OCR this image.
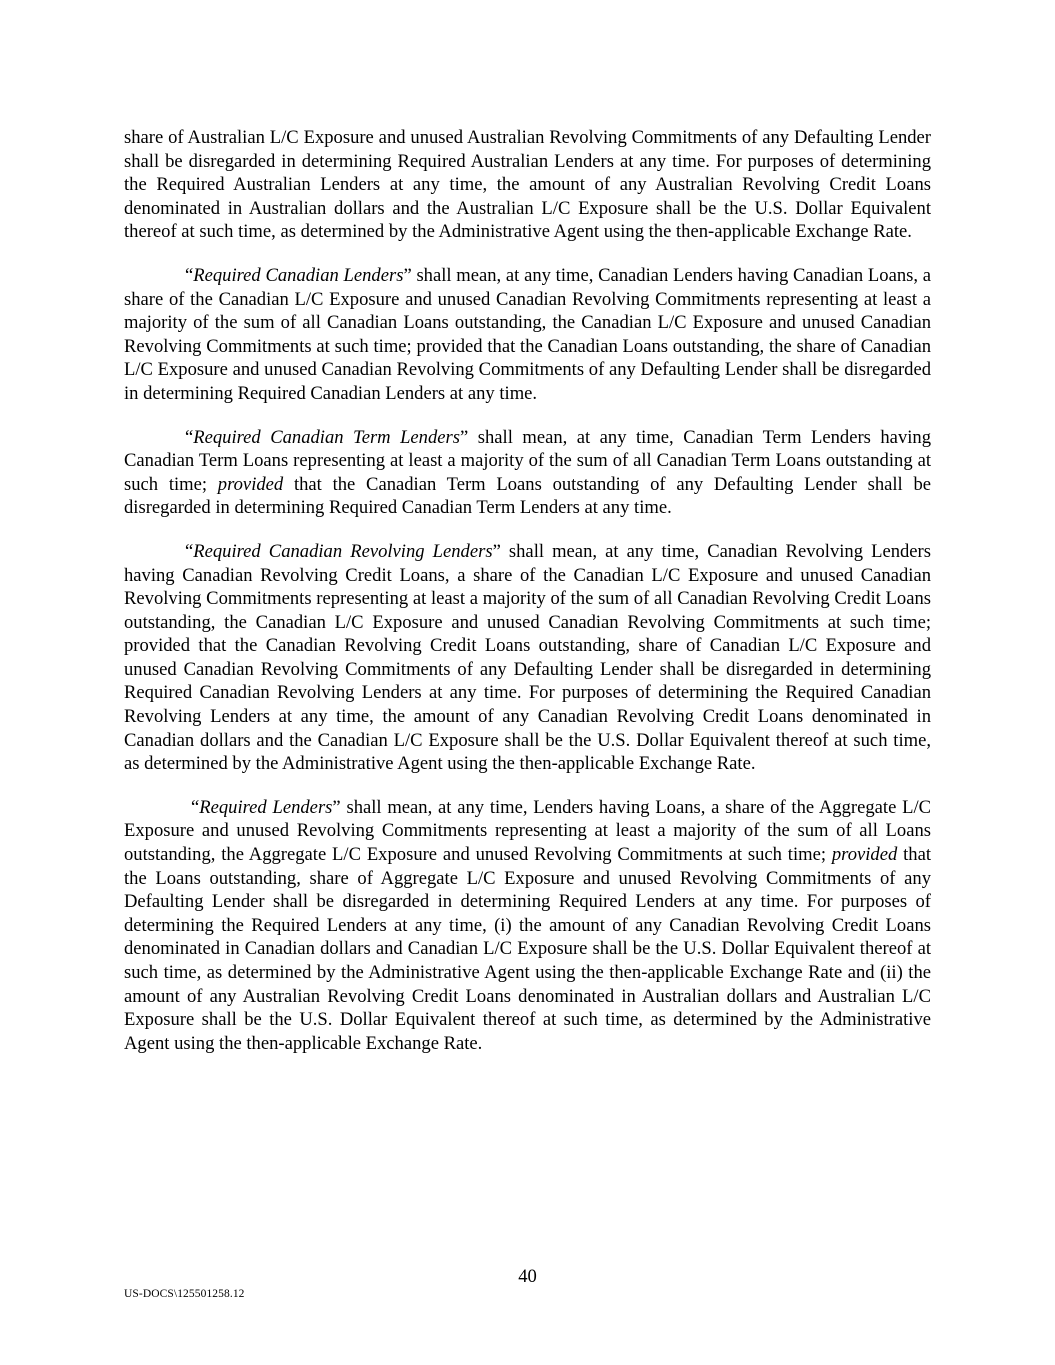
share of Australian L/C Exposure and unused Australian Revolving Commitments of any Defaulting Lender shall be disregarded in determining Required Australian Lenders at any time. For purposes of determining the Required Australian Lenders at any time, the amount of any Australian Revolving Credit Loans denominated in Australian dollars and the Australian L/C Exposure shall be the U.S. Dollar Equivalent thereof at such time, as determined by the Administrative Agent using the then-applicable Exchange Rate.

“Required Canadian Lenders” shall mean, at any time, Canadian Lenders having Canadian Loans, a share of the Canadian L/C Exposure and unused Canadian Revolving Commitments representing at least a majority of the sum of all Canadian Loans outstanding, the Canadian L/C Exposure and unused Canadian Revolving Commitments at such time; provided that the Canadian Loans outstanding, the share of Canadian L/C Exposure and unused Canadian Revolving Commitments of any Defaulting Lender shall be disregarded in determining Required Canadian Lenders at any time.

“Required Canadian Term Lenders” shall mean, at any time, Canadian Term Lenders having Canadian Term Loans representing at least a majority of the sum of all Canadian Term Loans outstanding at such time; provided that the Canadian Term Loans outstanding of any Defaulting Lender shall be disregarded in determining Required Canadian Term Lenders at any time.

“Required Canadian Revolving Lenders” shall mean, at any time, Canadian Revolving Lenders having Canadian Revolving Credit Loans, a share of the Canadian L/C Exposure and unused Canadian Revolving Commitments representing at least a majority of the sum of all Canadian Revolving Credit Loans outstanding, the Canadian L/C Exposure and unused Canadian Revolving Commitments at such time; provided that the Canadian Revolving Credit Loans outstanding, share of Canadian L/C Exposure and unused Canadian Revolving Commitments of any Defaulting Lender shall be disregarded in determining Required Canadian Revolving Lenders at any time. For purposes of determining the Required Canadian Revolving Lenders at any time, the amount of any Canadian Revolving Credit Loans denominated in Canadian dollars and the Canadian L/C Exposure shall be the U.S. Dollar Equivalent thereof at such time, as determined by the Administrative Agent using the then-applicable Exchange Rate.

“Required Lenders” shall mean, at any time, Lenders having Loans, a share of the Aggregate L/C Exposure and unused Revolving Commitments representing at least a majority of the sum of all Loans outstanding, the Aggregate L/C Exposure and unused Revolving Commitments at such time; provided that the Loans outstanding, share of Aggregate L/C Exposure and unused Revolving Commitments of any Defaulting Lender shall be disregarded in determining Required Lenders at any time. For purposes of determining the Required Lenders at any time, (i) the amount of any Canadian Revolving Credit Loans denominated in Canadian dollars and Canadian L/C Exposure shall be the U.S. Dollar Equivalent thereof at such time, as determined by the Administrative Agent using the then-applicable Exchange Rate and (ii) the amount of any Australian Revolving Credit Loans denominated in Australian dollars and Australian L/C Exposure shall be the U.S. Dollar Equivalent thereof at such time, as determined by the Administrative Agent using the then-applicable Exchange Rate.

40
US-DOCS\125501258.12
